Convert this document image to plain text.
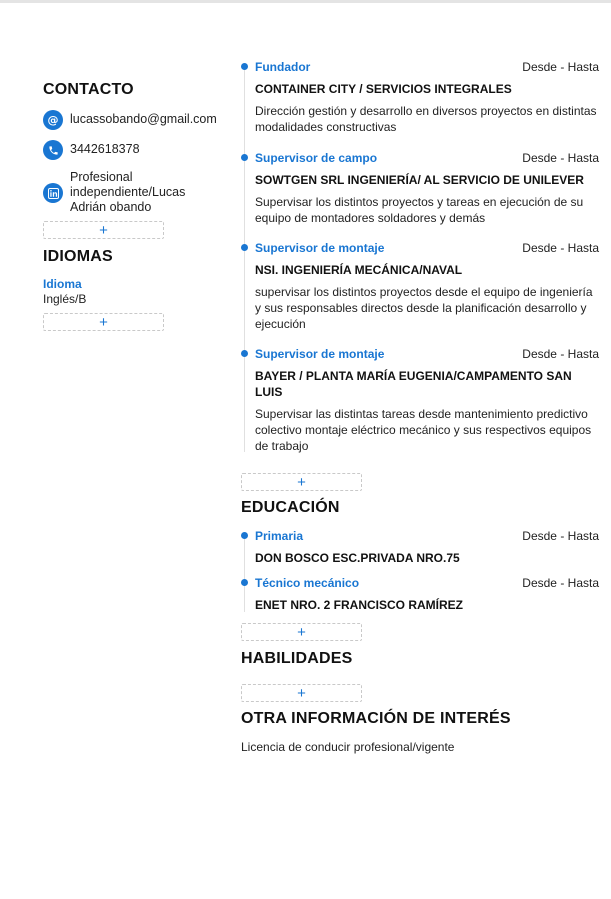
CONTACTO
@ lucassobando@gmail.com
3442618378
Profesional independiente/Lucas Adrián obando
+
IDIOMAS
Idioma
Inglés/B
+
Fundador	Desde - Hasta
CONTAINER CITY / SERVICIOS INTEGRALES
Dirección gestión y desarrollo en diversos proyectos en distintas modalidades constructivas
Supervisor de campo	Desde - Hasta
SOWTGEN SRL INGENIERÍA/ AL SERVICIO DE UNILEVER
Supervisar los distintos proyectos y tareas en ejecución de su equipo de montadores soldadores y demás
Supervisor de montaje	Desde - Hasta
NSI. INGENIERÍA MECÁNICA/NAVAL
supervisar los distintos proyectos desde el equipo de ingeniería y sus responsables directos desde la planificación desarrollo y ejecución
Supervisor de montaje	Desde - Hasta
BAYER / PLANTA MARÍA EUGENIA/CAMPAMENTO SAN LUIS
Supervisar las distintas tareas desde mantenimiento predictivo colectivo montaje eléctrico mecánico y sus respectivos equipos de trabajo
+
EDUCACIÓN
Primaria	Desde - Hasta
DON BOSCO ESC.PRIVADA NRO.75
Técnico mecánico	Desde - Hasta
ENET NRO. 2 FRANCISCO RAMÍREZ
+
HABILIDADES
+
OTRA INFORMACIÓN DE INTERÉS
Licencia de conducir profesional/vigente
